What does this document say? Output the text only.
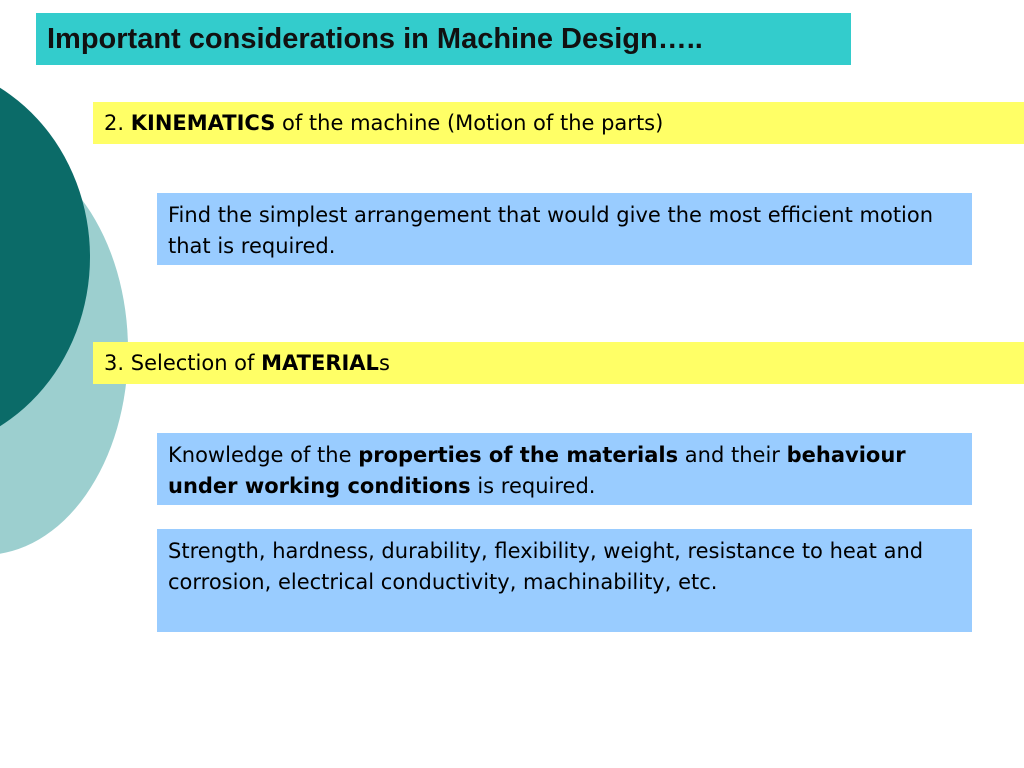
Important considerations in Machine Design…..
2. KINEMATICS of the machine (Motion of the parts)
Find the simplest arrangement that would give the most efficient motion that is required.
3. Selection of MATERIALs
Knowledge of the properties of the materials and their behaviour under working conditions is required.
Strength, hardness, durability, flexibility, weight, resistance to heat and corrosion, electrical conductivity, machinability, etc.
